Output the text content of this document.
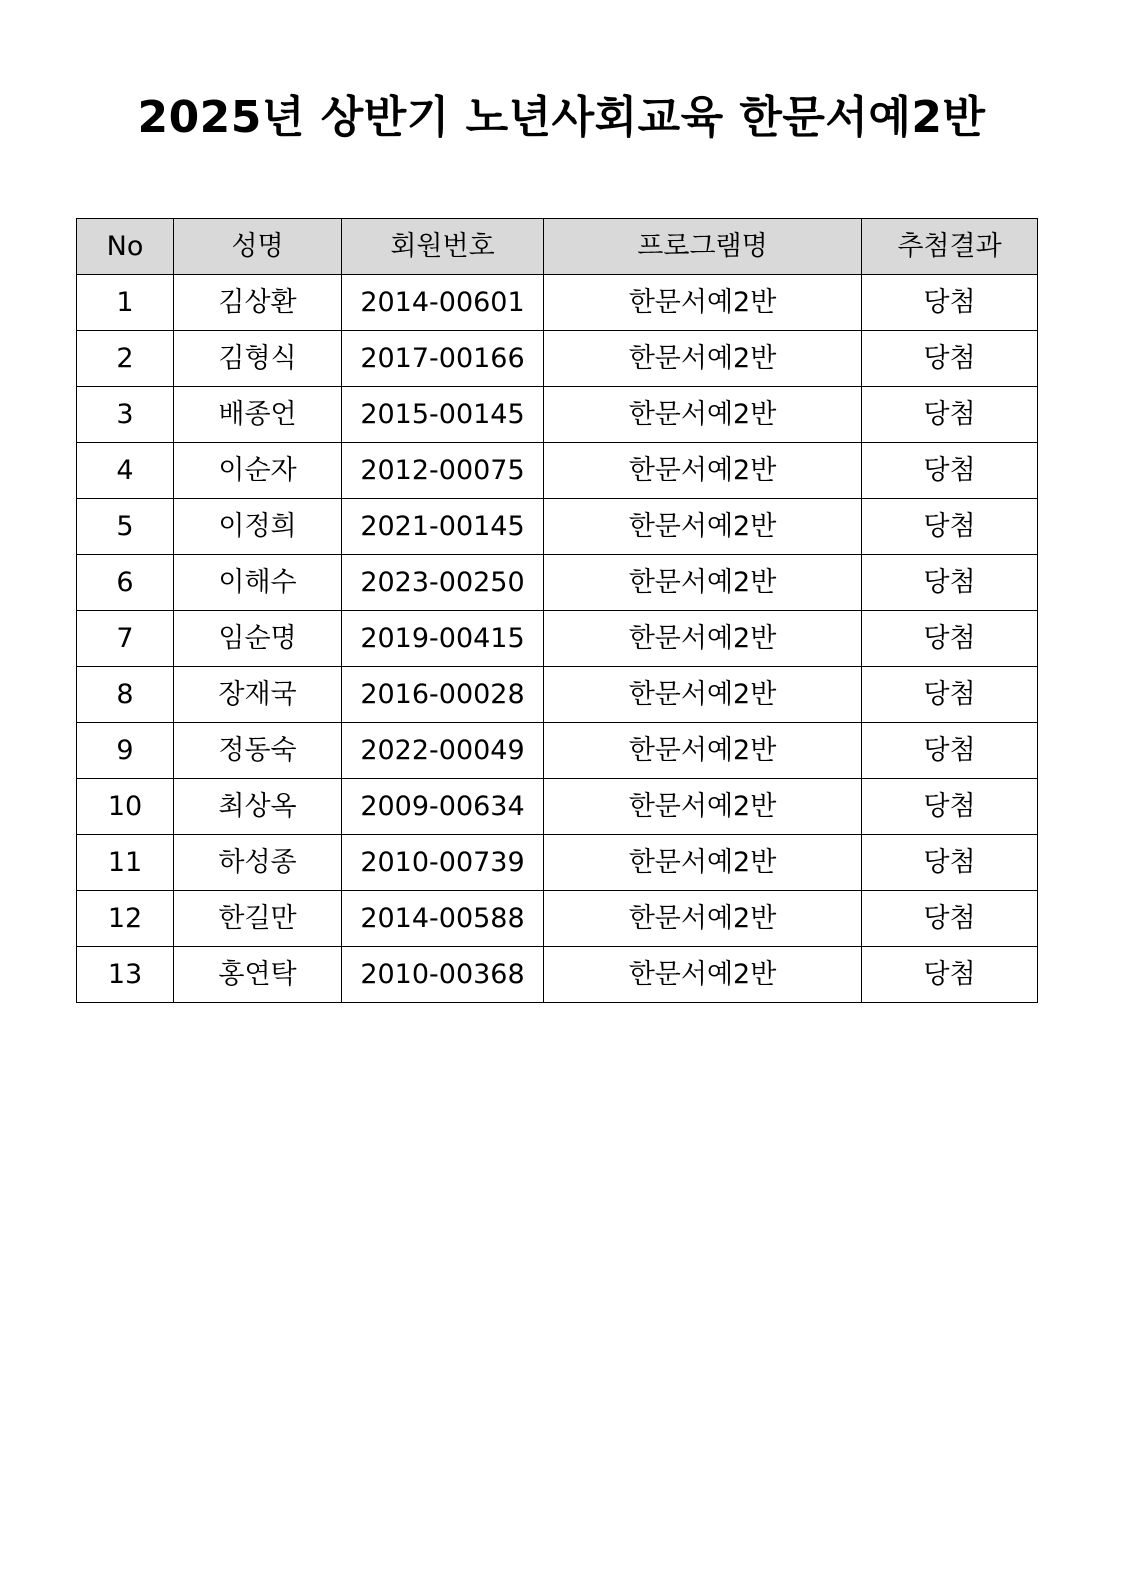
2025년 상반기 노년사회교육 한문서예2반
No	성명	회원번호	프로그램명	추첨결과
1	김상환	2014-00601	한문서예2반	당첨
2	김형식	2017-00166	한문서예2반	당첨
3	배종언	2015-00145	한문서예2반	당첨
4	이순자	2012-00075	한문서예2반	당첨
5	이정희	2021-00145	한문서예2반	당첨
6	이해수	2023-00250	한문서예2반	당첨
7	임순명	2019-00415	한문서예2반	당첨
8	장재국	2016-00028	한문서예2반	당첨
9	정동숙	2022-00049	한문서예2반	당첨
10	최상옥	2009-00634	한문서예2반	당첨
11	하성종	2010-00739	한문서예2반	당첨
12	한길만	2014-00588	한문서예2반	당첨
13	홍연탁	2010-00368	한문서예2반	당첨
